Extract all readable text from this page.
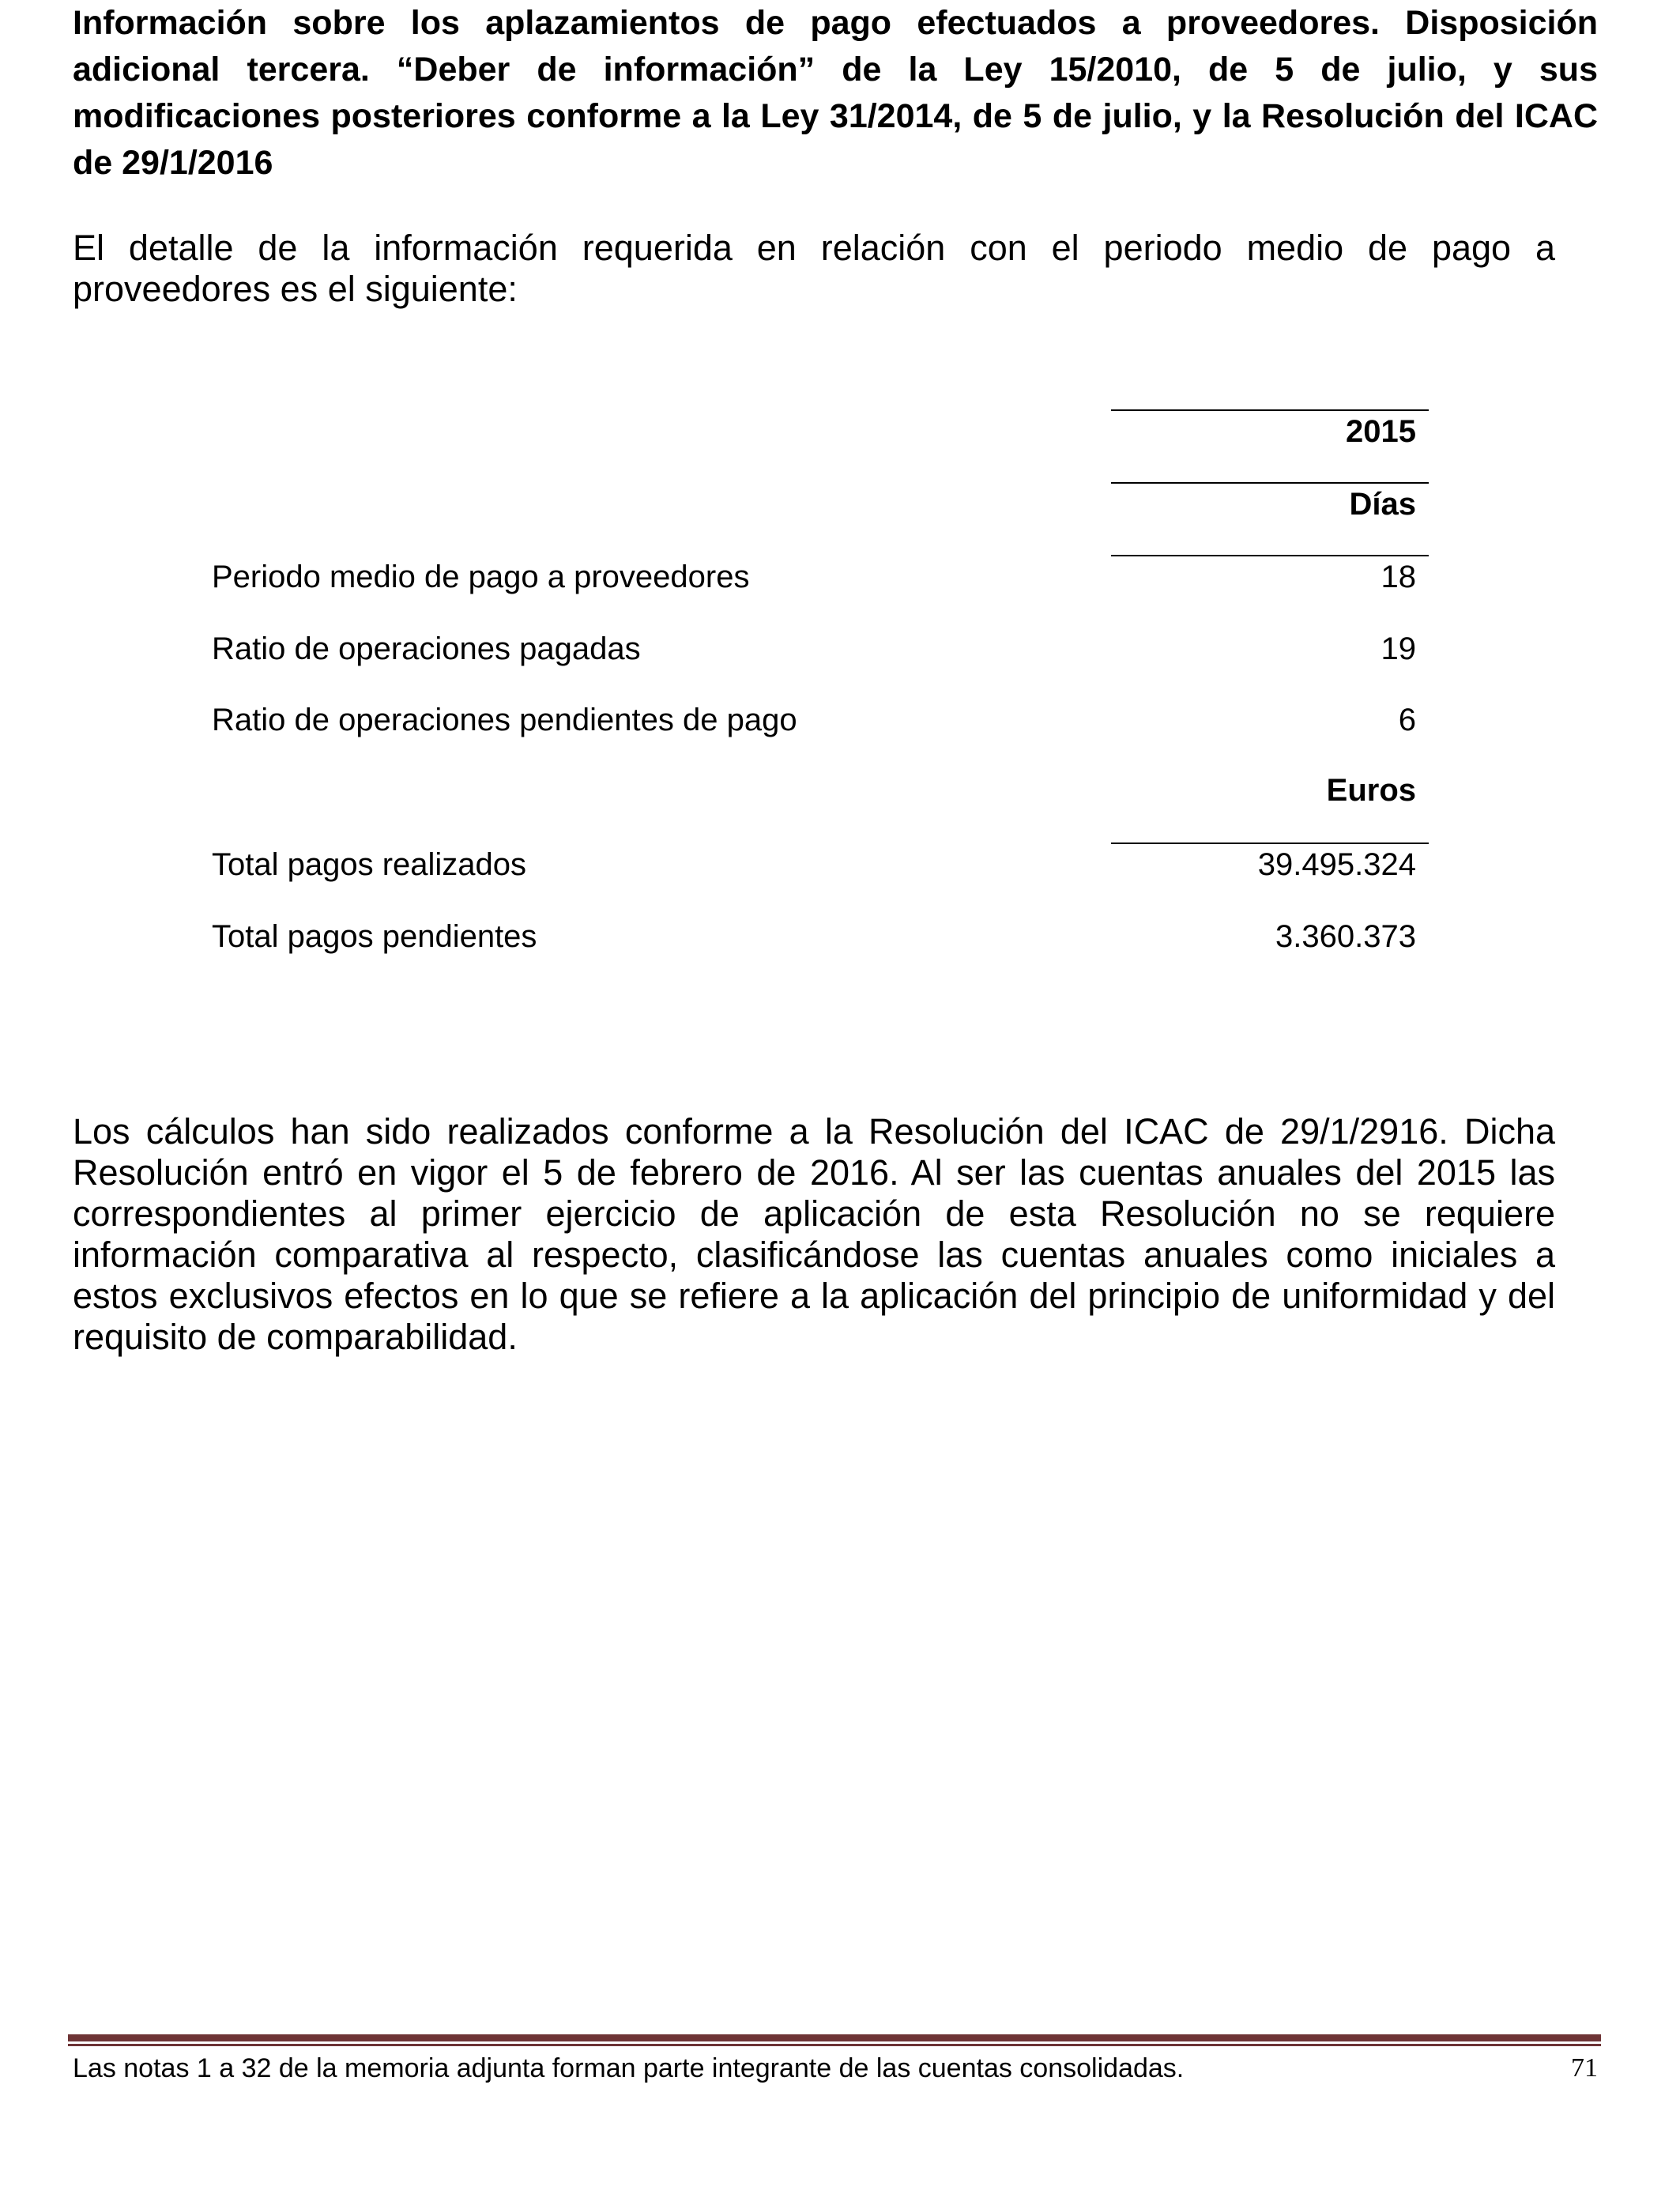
Información sobre los aplazamientos de pago efectuados a proveedores. Disposición adicional tercera. “Deber de información” de la Ley 15/2010, de 5 de julio, y sus modificaciones posteriores conforme a la Ley 31/2014, de 5 de julio, y la Resolución del ICAC de 29/1/2016

El detalle de la información requerida en relación con el periodo medio de pago a proveedores es el siguiente:

2015
Días
Periodo medio de pago a proveedores	18
Ratio de operaciones pagadas	19
Ratio de operaciones pendientes de pago	6
Euros
Total pagos realizados	39.495.324
Total pagos pendientes	3.360.373

Los cálculos han sido realizados conforme a la Resolución del ICAC de 29/1/2916. Dicha Resolución entró en vigor el 5 de febrero de 2016. Al ser las cuentas anuales del 2015 las correspondientes al primer ejercicio de aplicación de esta Resolución no se requiere información comparativa al respecto, clasificándose las cuentas anuales como iniciales a estos exclusivos efectos en lo que se refiere a la aplicación del principio de uniformidad y del requisito de comparabilidad.

Las notas 1 a 32 de la memoria adjunta forman parte integrante de las cuentas consolidadas.	71
